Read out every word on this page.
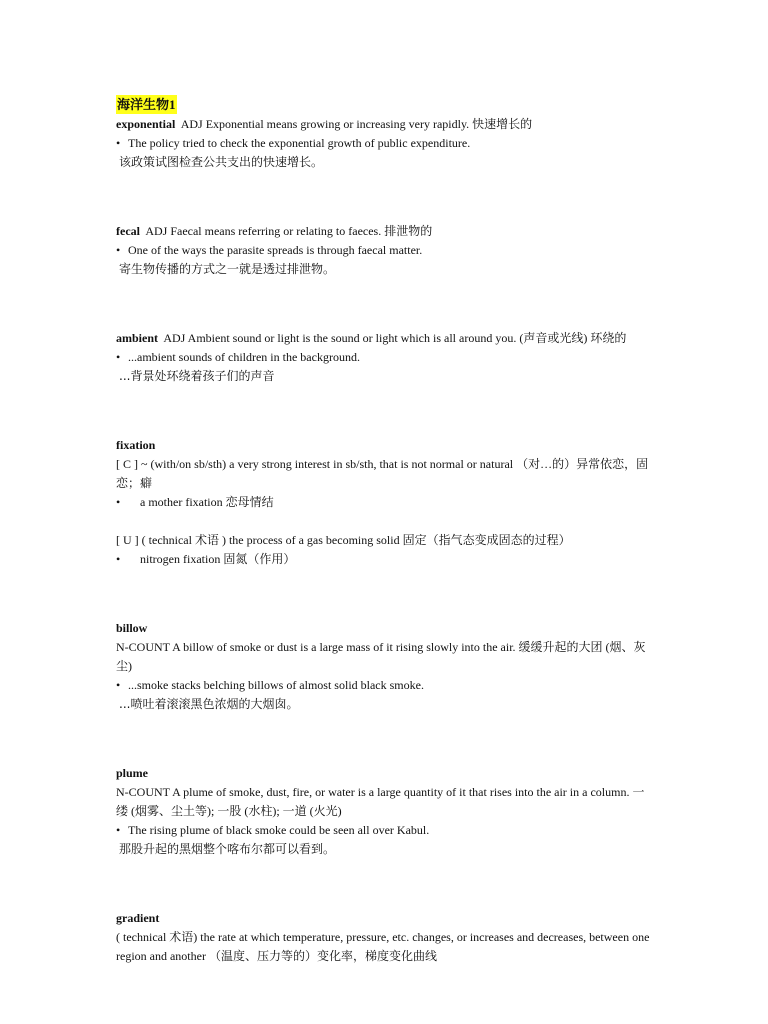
海洋生物1
exponential ADJ Exponential means growing or increasing very rapidly. 快速增长的
• The policy tried to check the exponential growth of public expenditure.
该政策试图检查公共支出的快速增长。
fecal ADJ Faecal means referring or relating to faeces. 排泄物的
• One of the ways the parasite spreads is through faecal matter.
寄生物传播的方式之一就是透过排泄物。
ambient ADJ Ambient sound or light is the sound or light which is all around you. (声音或光线) 环绕的
• ...ambient sounds of children in the background.
...背景处环绕着孩子们的声音
fixation
[ C ] ~ (with/on sb/sth) a very strong interest in sb/sth, that is not normal or natural （对…的）异常依恋，固恋；癖
•	a mother fixation 恋母情结
[ U ] ( technical 术语 ) the process of a gas becoming solid 固定（指气态变成固态的过程）
•	nitrogen fixation 固氮（作用）
billow
N-COUNT A billow of smoke or dust is a large mass of it rising slowly into the air. 缓缓升起的大团 (烟、灰尘)
• ...smoke stacks belching billows of almost solid black smoke.
...喷吐着滚滚黑色浓烟的大烟囱。
plume
N-COUNT A plume of smoke, dust, fire, or water is a large quantity of it that rises into the air in a column. 一缕 (烟雾、尘土等); 一股 (水柱); 一道 (火光)
• The rising plume of black smoke could be seen all over Kabul.
那股升起的黑烟整个喀布尔都可以看到。
gradient
( technical 术语) the rate at which temperature, pressure, etc. changes, or increases and decreases, between one region and another （温度、压力等的）变化率，梯度变化曲线
